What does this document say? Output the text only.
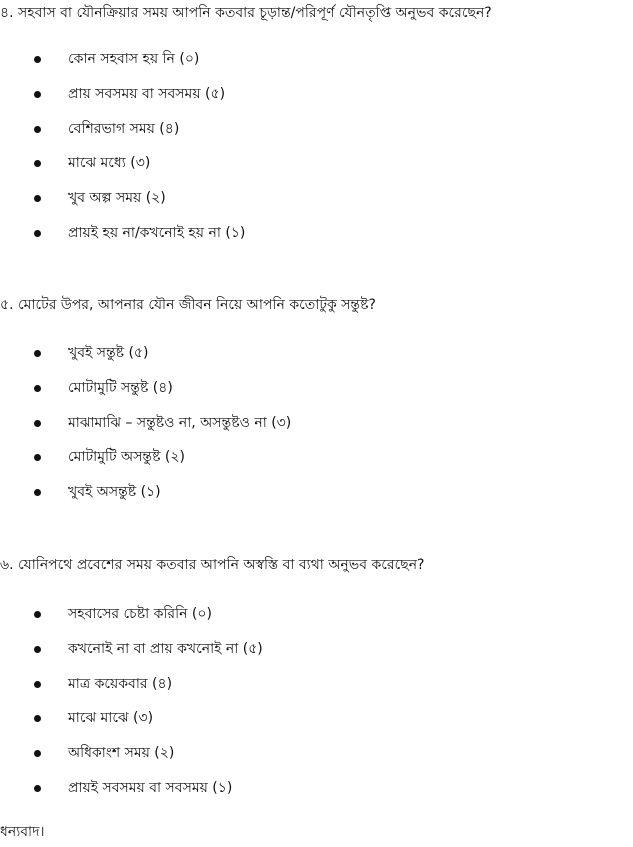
৪. সহবাস বা যৌনক্রিয়ার সময় আপনি কতবার চূড়ান্ত/পরিপূর্ণ যৌনতৃপ্তি অনুভব করেছেন?
কোন সহবাস হয় নি (০)
প্রায় সবসময় বা সবসময় (৫)
বেশিরভাগ সময় (৪)
মাঝে মধ্যে (৩)
খুব অল্প সময় (২)
প্রায়ই হয় না/কখনোই হয় না (১)
৫. মোটের উপর, আপনার যৌন জীবন নিয়ে আপনি কতোটুকু সন্তুষ্ট?
খুবই সন্তুষ্ট (৫)
মোটামুটি সন্তুষ্ট (৪)
মাঝামাঝি – সন্তুষ্টও না, অসন্তুষ্টও না (৩)
মোটামুটি অসন্তুষ্ট (২)
খুবই অসন্তুষ্ট (১)
৬. যোনিপথে প্রবেশের সময় কতবার আপনি অস্বস্তি বা ব্যথা অনুভব করেছেন?
সহবাসের চেষ্টা করিনি (০)
কখনোই না বা প্রায় কখনোই না (৫)
মাত্র কয়েকবার (৪)
মাঝে মাঝে (৩)
অধিকাংশ সময় (২)
প্রায়ই সবসময় বা সবসময় (১)
ধন্যবাদ।
